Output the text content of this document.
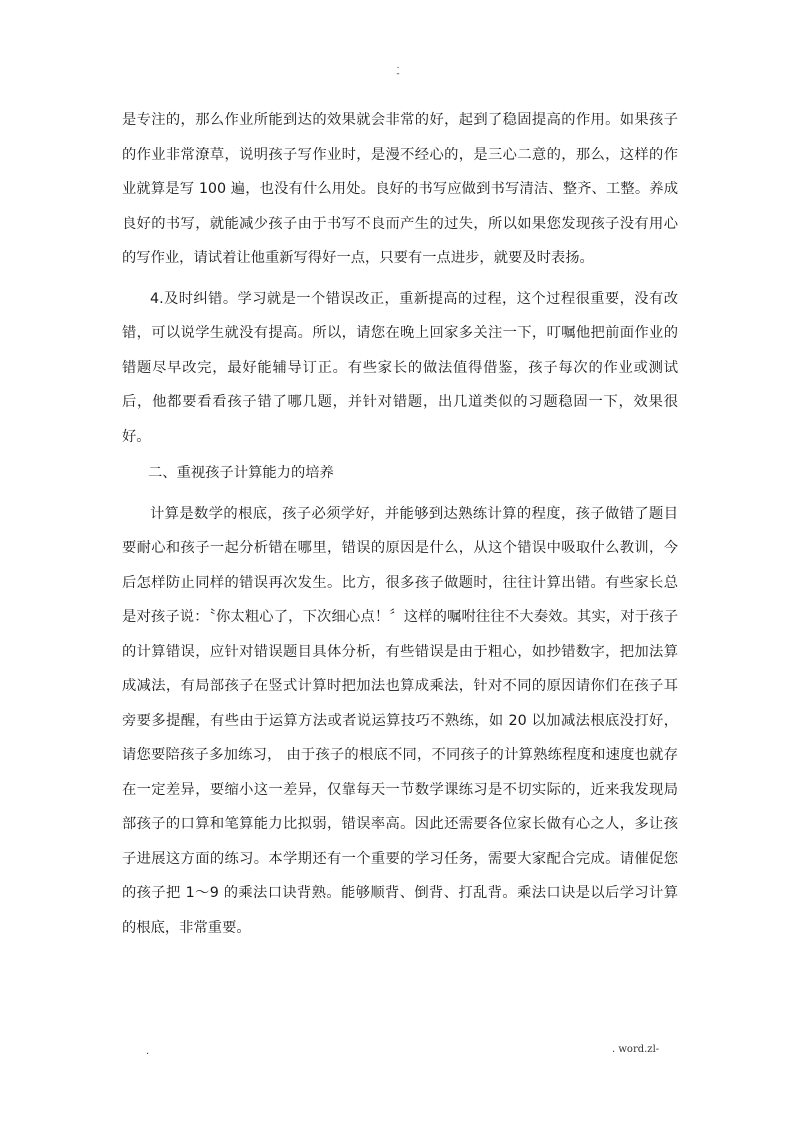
.
-

是专注的，那么作业所能到达的效果就会非常的好，起到了稳固提高的作用。如果孩子的作业非常潦草，说明孩子写作业时，是漫不经心的，是三心二意的，那么，这样的作业就算是写 100 遍，也没有什么用处。良好的书写应做到书写清洁、整齐、工整。养成良好的书写，就能减少孩子由于书写不良而产生的过失，所以如果您发现孩子没有用心的写作业，请试着让他重新写得好一点，只要有一点进步，就要及时表扬。

4.及时纠错。学习就是一个错误改正，重新提高的过程，这个过程很重要，没有改错，可以说学生就没有提高。所以，请您在晚上回家多关注一下，叮嘱他把前面作业的错题尽早改完，最好能辅导订正。有些家长的做法值得借鉴，孩子每次的作业或测试后，他都要看看孩子错了哪几题，并针对错题，出几道类似的习题稳固一下，效果很好。

二、重视孩子计算能力的培养

计算是数学的根底，孩子必须学好，并能够到达熟练计算的程度，孩子做错了题目要耐心和孩子一起分析错在哪里，错误的原因是什么，从这个错误中吸取什么教训，今后怎样防止同样的错误再次发生。比方，很多孩子做题时，往往计算出错。有些家长总是对孩子说：〝你太粗心了，下次细心点！〞这样的嘱咐往往不大奏效。其实，对于孩子的计算错误，应针对错误题目具体分析，有些错误是由于粗心，如抄错数字，把加法算成减法，有局部孩子在竖式计算时把加法也算成乘法，针对不同的原因请你们在孩子耳旁要多提醒，有些由于运算方法或者说运算技巧不熟练，如 20 以加减法根底没打好，请您要陪孩子多加练习， 由于孩子的根底不同，不同孩子的计算熟练程度和速度也就存在一定差异，要缩小这一差异，仅靠每天一节数学课练习是不切实际的，近来我发现局部孩子的口算和笔算能力比拟弱，错误率高。因此还需要各位家长做有心之人，多让孩子进展这方面的练习。本学期还有一个重要的学习任务，需要大家配合完成。请催促您的孩子把 1～9 的乘法口诀背熟。能够顺背、倒背、打乱背。乘法口诀是以后学习计算的根底，非常重要。

.	. word.zl-
